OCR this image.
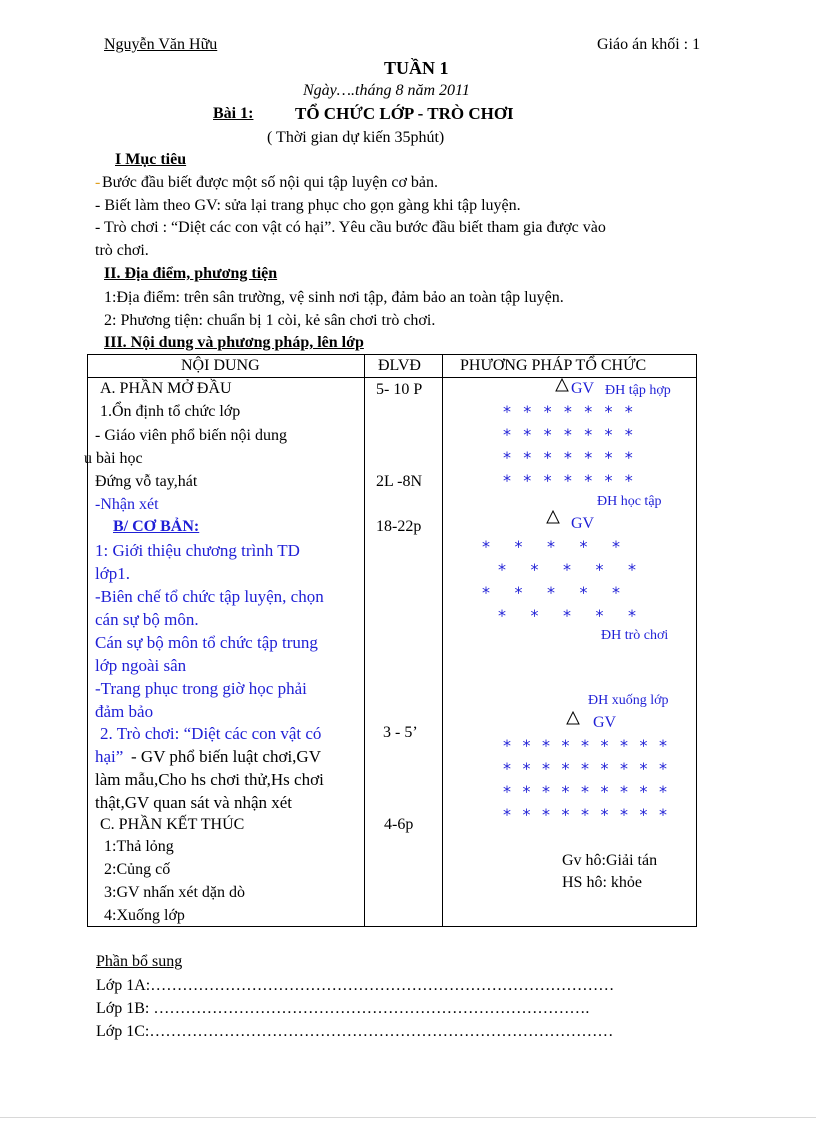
Nguyễn Văn Hữu	Giáo án khối : 1
TUẦN 1
Ngày….tháng 8 năm 2011
Bài 1: TỔ CHỨC LỚP - TRÒ CHƠI
( Thời gian dự kiến 35phút)
I Mục tiêu
- Bước đầu biết được một số nội qui tập luyện cơ bản.
- Biết làm theo GV: sửa lại trang phục cho gọn gàng khi tập luyện.
- Trò chơi : “Diệt các con vật có hại”. Yêu cầu bước đầu biết tham gia được vào
trò chơi.
II. Địa điểm, phương tiện
1:Địa điểm: trên sân trường, vệ sinh nơi tập, đảm bảo an toàn tập luyện.
2: Phương tiện: chuẩn bị 1 còi, kẻ sân chơi trò chơi.
III. Nội dung và phương pháp, lên lớp
NỘI DUNG	ĐLVĐ PHƯƠNG PHÁP TỔ CHỨC
A. PHẦN MỞ ĐẦU
1.Ổn định tổ chức lớp
- Giáo viên phổ biến nội dung
u bài học
Đứng vỗ tay,hát
-Nhận xét
B/ CƠ BẢN:
1: Giới thiệu chương trình TD
lớp1.
-Biên chế tổ chức tập luyện, chọn
cán sự bộ môn.
Cán sự bộ môn tổ chức tập trung
lớp ngoài sân
-Trang phục trong giờ học phải
đảm bảo
2. Trò chơi: “Diệt các con vật có
hại” - GV phổ biến luật chơi,GV
làm mẫu,Cho hs chơi thử,Hs chơi
thật,GV quan sát và nhận xét
C. PHẦN KẾT THÚC
1:Thả lỏng
2:Củng cố
3:GV nhấn xét dặn dò
4:Xuống lớp
5- 10 P
2L -8N
18-22p
3 - 5’
4-6p
GV ĐH tập hợp
ĐH học tập
GV
ĐH trò chơi
ĐH xuống lớp
GV
Gv hô:Giải tán
HS hô: khỏe
Phần bổ sung
Lớp 1A:……………………………………………………………………………
Lớp 1B: ……………………………………………………………………….
Lớp 1C:……………………………………………………………………………
* * * * * * *
* * * * * * *
* * * * * * *
* * * * * * *
* * * * *
* * * * *
* * * * *
* * * * *
* * * * * * * * *
* * * * * * * * *
* * * * * * * * *
* * * * * * * * *
